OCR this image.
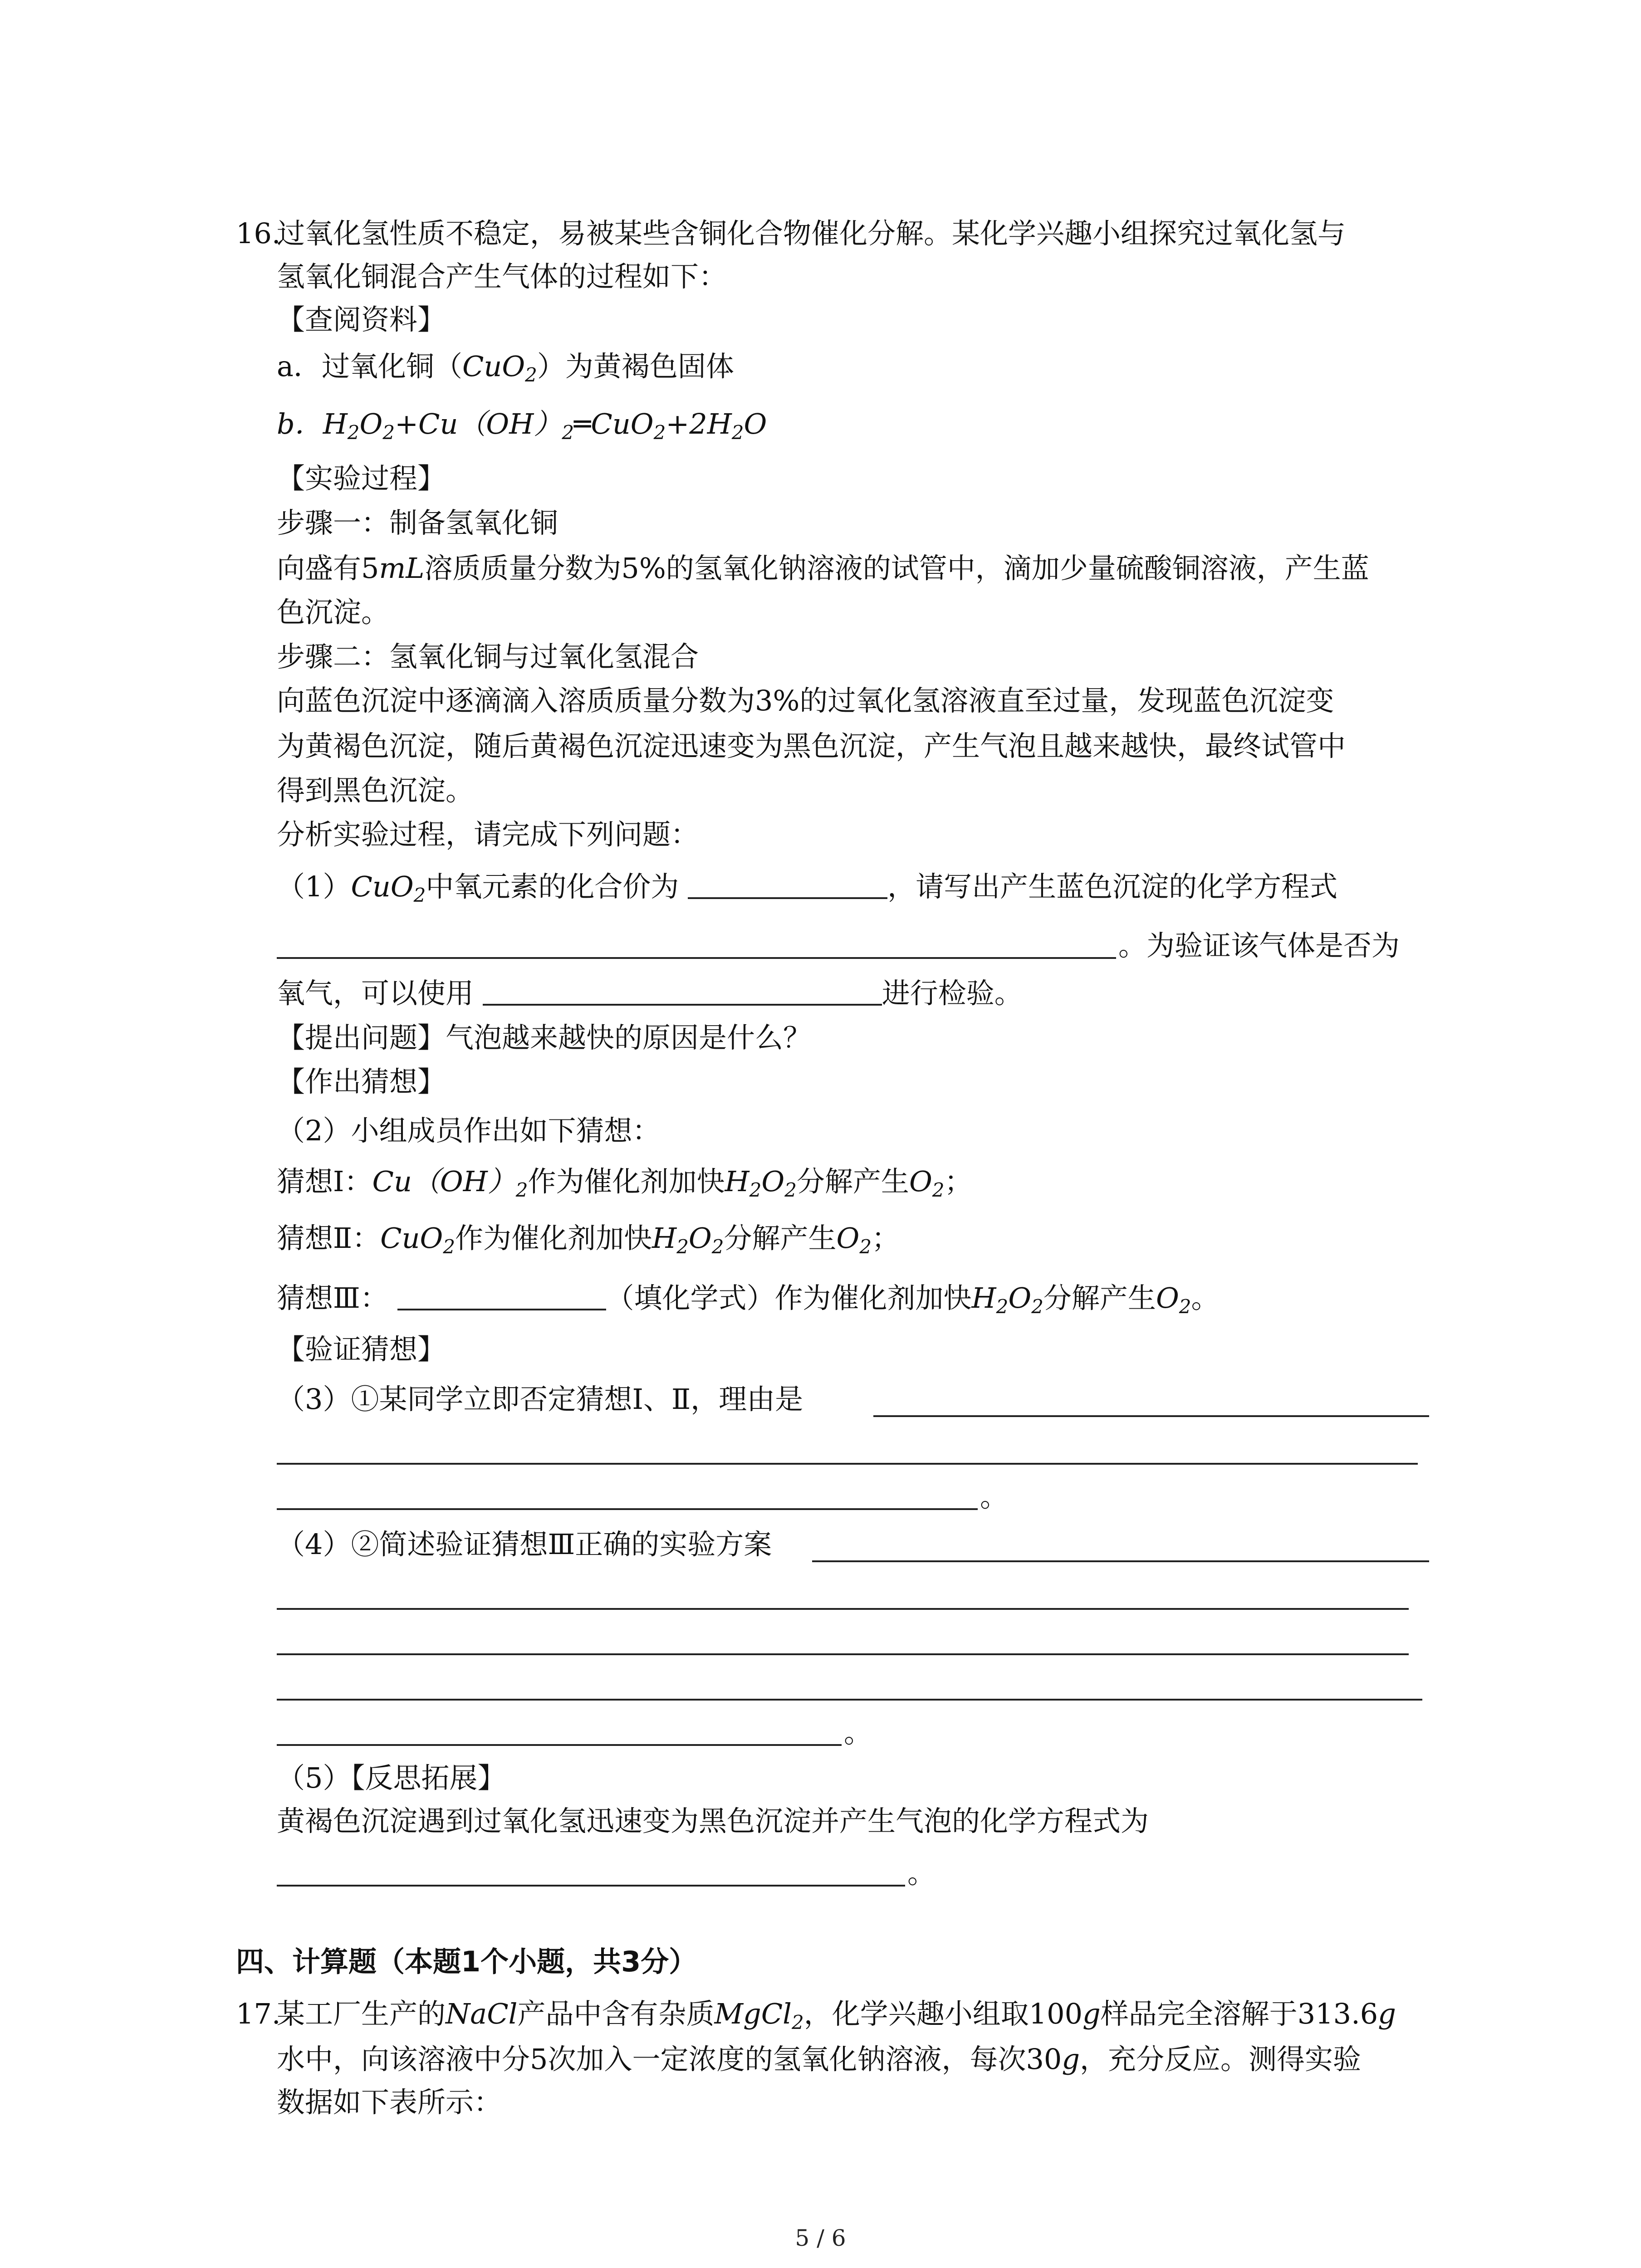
16.
过氧化氢性质不稳定，易被某些含铜化合物催化分解。某化学兴趣小组探究过氧化氢与
氢氧化铜混合产生气体的过程如下：
【查阅资料】
a．过氧化铜（CuO$_2$）为黄褐色固体
b．$H_2O_2+Cu(OH)_2═CuO_2+2H_2O$
【实验过程】
步骤一：制备氢氧化铜
向盛有5mL溶质质量分数为5%的氢氧化钠溶液的试管中，滴加少量硫酸铜溶液，产生蓝
色沉淀。
步骤二：氢氧化铜与过氧化氢混合
向蓝色沉淀中逐滴滴入溶质质量分数为3%的过氧化氢溶液直至过量，发现蓝色沉淀变
为黄褐色沉淀，随后黄褐色沉淀迅速变为黑色沉淀，产生气泡且越来越快，最终试管中
得到黑色沉淀。
分析实验过程，请完成下列问题：
（1）CuO$_2$中氧元素的化合价为	，请写出产生蓝色沉淀的化学方程式
。为验证该气体是否为
氧气，可以使用	进行检验。
【提出问题】气泡越来越快的原因是什么？
【作出猜想】
（2）小组成员作出如下猜想：
猜想Ⅰ：$Cu(OH)_2$作为催化剂加快$H_2O_2$分解产生$O_2$；
猜想Ⅱ：CuO$_2$作为催化剂加快$H_2O_2$分解产生$O_2$；
猜想Ⅲ：	（填化学式）作为催化剂加快$H_2O_2$分解产生$O_2$。
【验证猜想】
（3）①某同学立即否定猜想Ⅰ、Ⅱ，理由是
。
（4）②简述验证猜想Ⅲ正确的实验方案
。
（5）【反思拓展】
黄褐色沉淀遇到过氧化氢迅速变为黑色沉淀并产生气泡的化学方程式为
。
四、计算题（本题1个小题，共3分）
17.
某工厂生产的NaCl产品中含有杂质MgCl$_2$，化学兴趣小组取100g样品完全溶解于313.6g
水中，向该溶液中分5次加入一定浓度的氢氧化钠溶液，每次30g，充分反应。测得实验
数据如下表所示：
5 / 6
